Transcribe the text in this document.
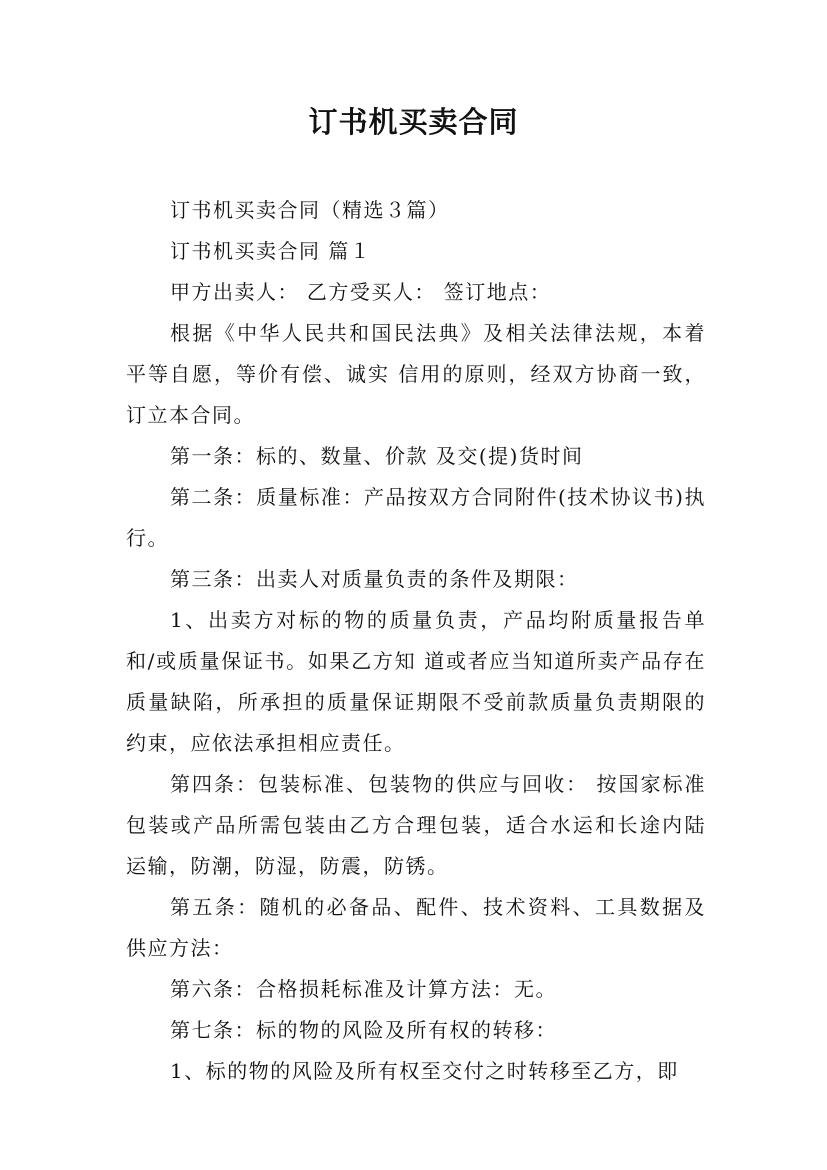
订书机买卖合同

订书机买卖合同（精选３篇）

订书机买卖合同 篇１

甲方出卖人： 乙方受买人： 签订地点：

根据《中华人民共和国民法典》及相关法律法规，本着平等自愿，等价有偿、诚实 信用的原则，经双方协商一致，订立本合同。

第一条：标的、数量、价款 及交(提)货时间

第二条：质量标准：产品按双方合同附件(技术协议书)执行。

第三条：出卖人对质量负责的条件及期限：

1、出卖方对标的物的质量负责，产品均附质量报告单和/或质量保证书。如果乙方知 道或者应当知道所卖产品存在质量缺陷，所承担的质量保证期限不受前款质量负责期限的约束，应依法承担相应责任。

第四条：包装标准、包装物的供应与回收： 按国家标准包装或产品所需包装由乙方合理包装，适合水运和长途内陆运输，防潮，防湿，防震，防锈。

第五条：随机的必备品、配件、技术资料、工具数据及供应方法：

第六条：合格损耗标准及计算方法：无。

第七条：标的物的风险及所有权的转移：

1、标的物的风险及所有权至交付之时转移至乙方，即
